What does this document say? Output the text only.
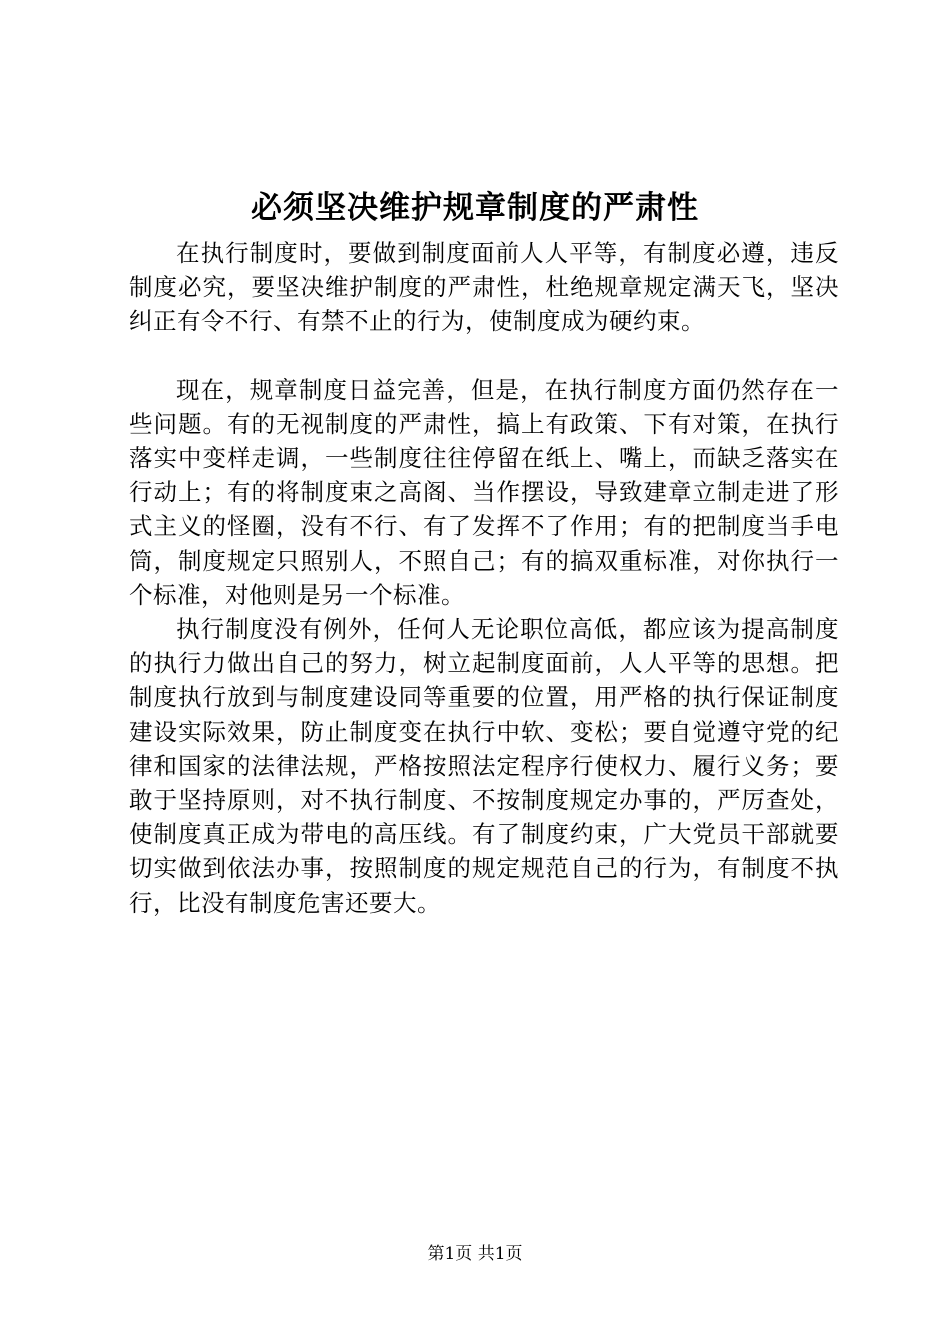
必须坚决维护规章制度的严肃性

在执行制度时，要做到制度面前人人平等，有制度必遵，违反制度必究，要坚决维护制度的严肃性，杜绝规章规定满天飞，坚决纠正有令不行、有禁不止的行为，使制度成为硬约束。

现在，规章制度日益完善，但是，在执行制度方面仍然存在一些问题。有的无视制度的严肃性，搞上有政策、下有对策，在执行落实中变样走调，一些制度往往停留在纸上、嘴上，而缺乏落实在行动上；有的将制度束之高阁、当作摆设，导致建章立制走进了形式主义的怪圈，没有不行、有了发挥不了作用；有的把制度当手电筒，制度规定只照别人，不照自己；有的搞双重标准，对你执行一个标准，对他则是另一个标准。

执行制度没有例外，任何人无论职位高低，都应该为提高制度的执行力做出自己的努力，树立起制度面前，人人平等的思想。把制度执行放到与制度建设同等重要的位置，用严格的执行保证制度建设实际效果，防止制度变在执行中软、变松；要自觉遵守党的纪律和国家的法律法规，严格按照法定程序行使权力、履行义务；要敢于坚持原则，对不执行制度、不按制度规定办事的，严厉查处，使制度真正成为带电的高压线。有了制度约束，广大党员干部就要切实做到依法办事，按照制度的规定规范自己的行为，有制度不执行，比没有制度危害还要大。

第1页 共1页
